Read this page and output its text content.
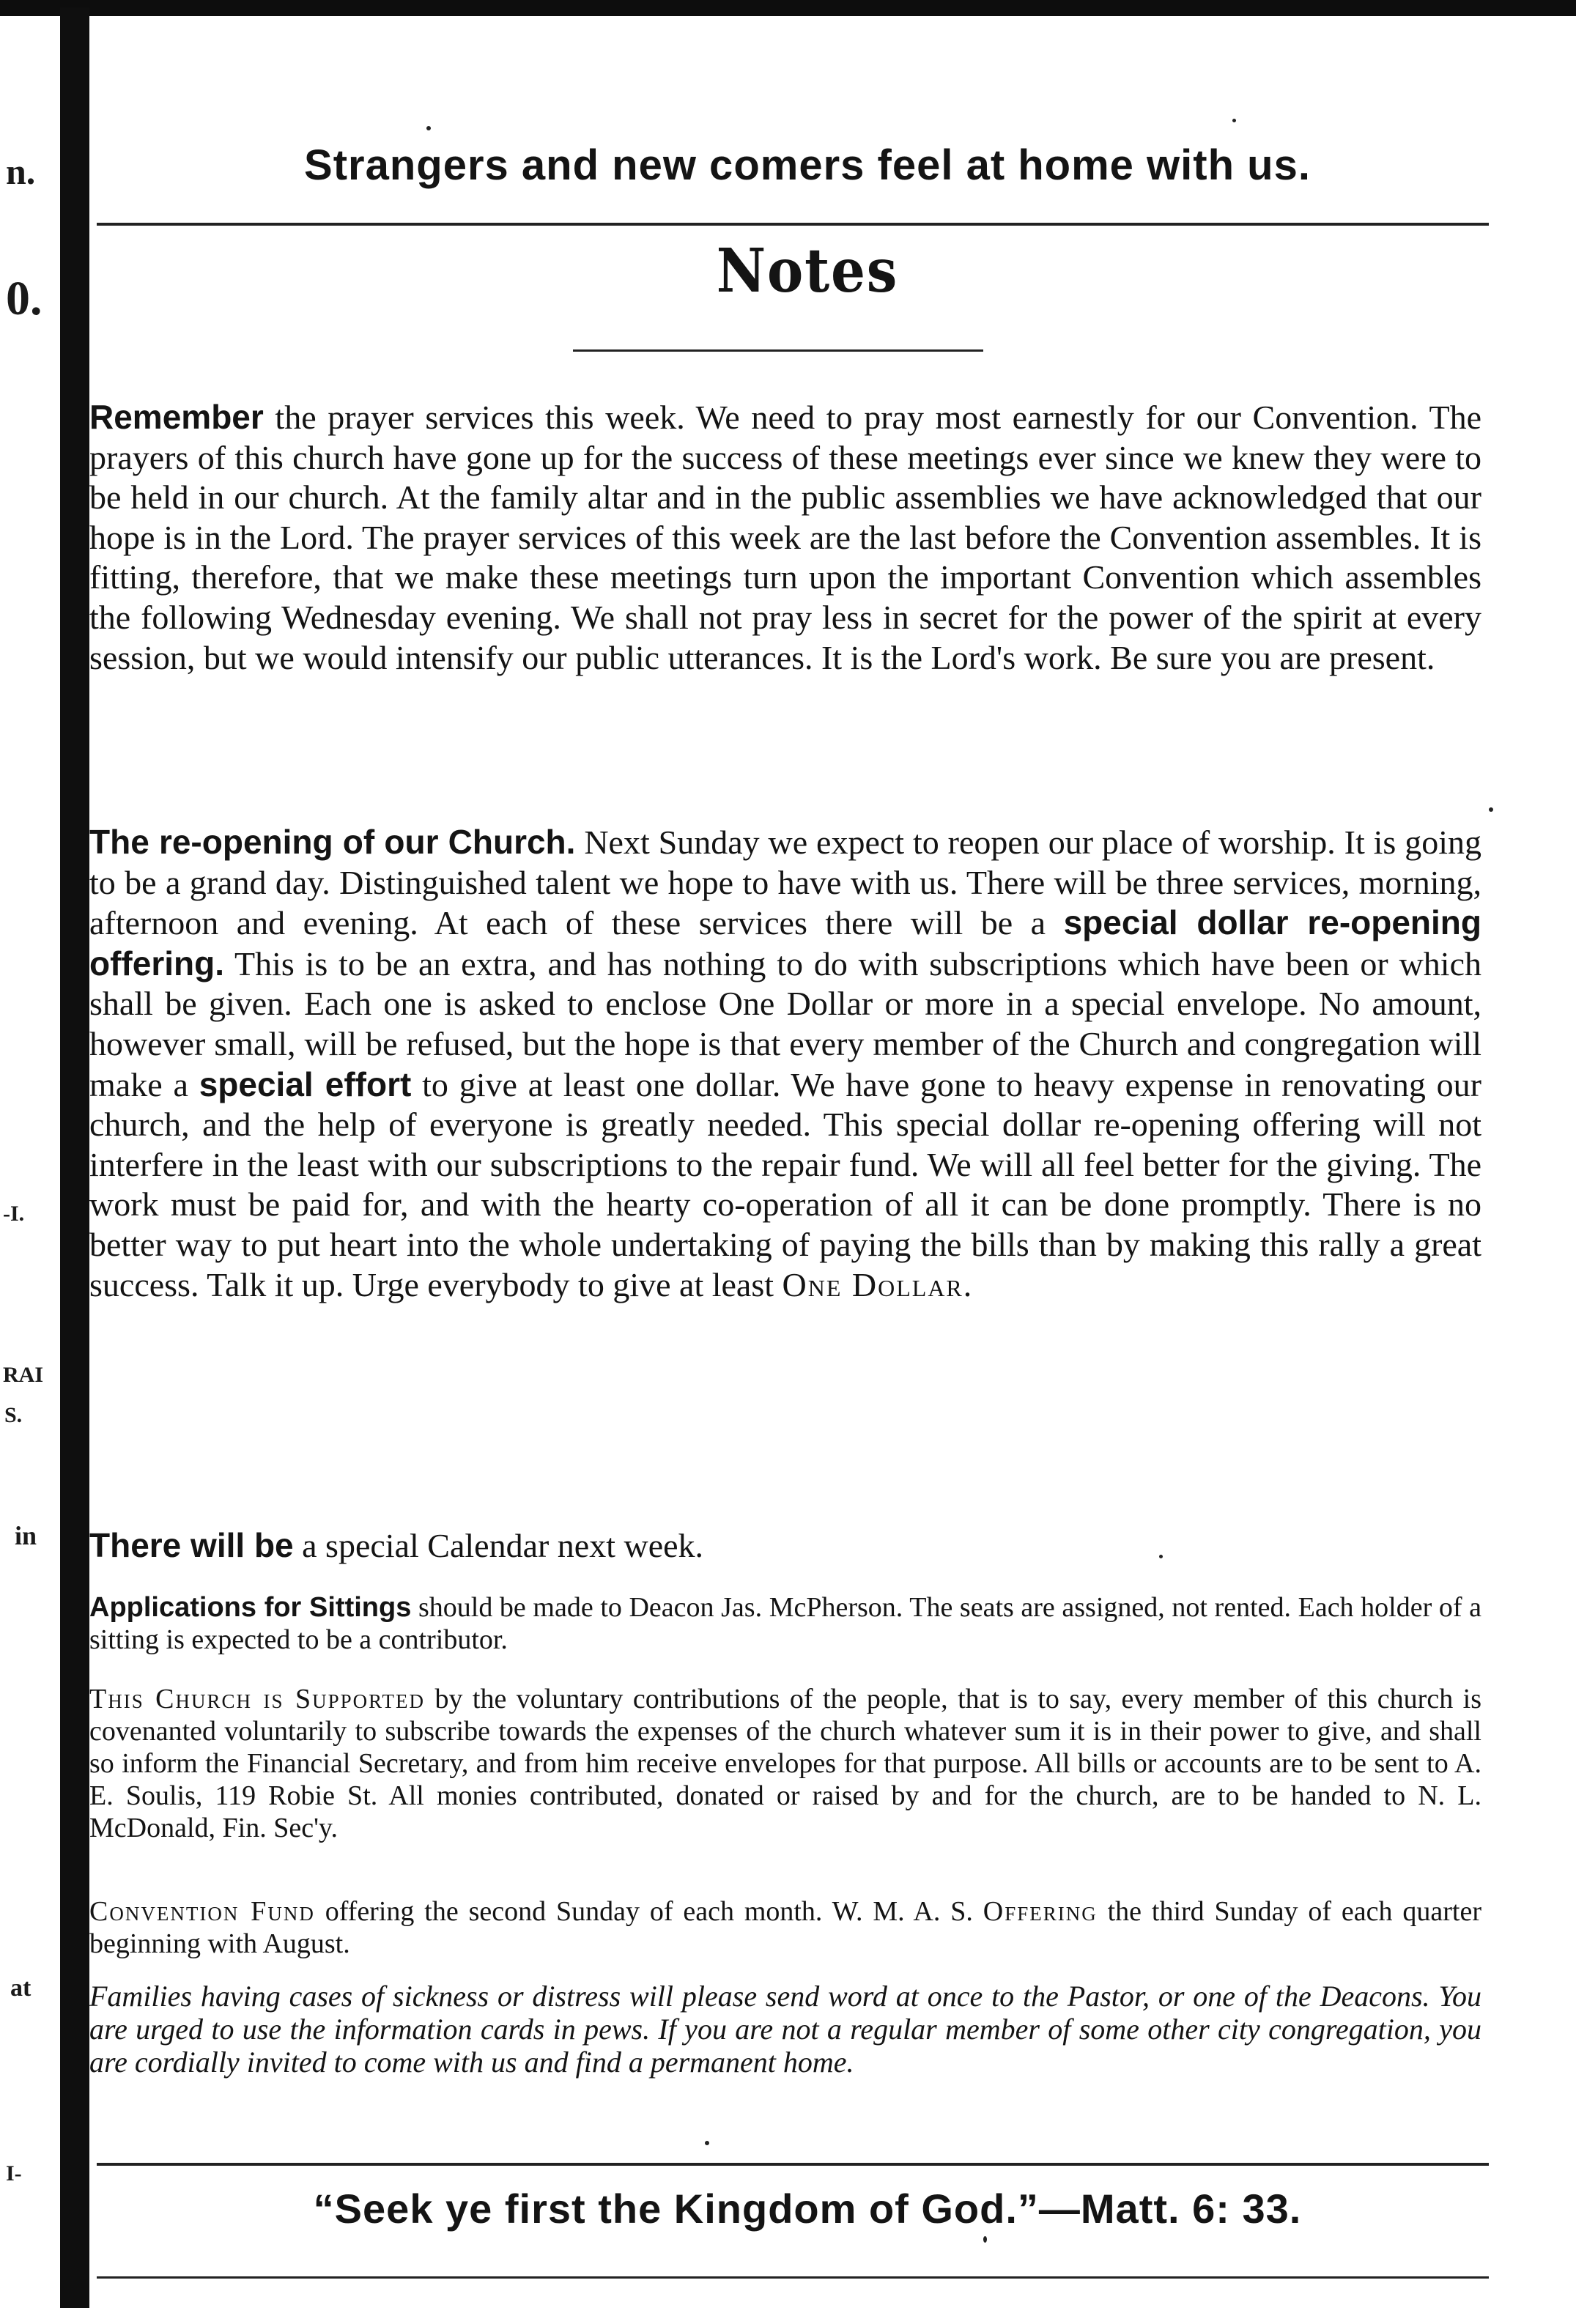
n.
0.
-I.
RAI
S.
in
at
I-
Strangers and new comers feel at home with us.
Notes
Remember the prayer services this week. We need to pray most earnestly for our Convention. The prayers of this church have gone up for the success of these meetings ever since we knew they were to be held in our church. At the family altar and in the public assemblies we have acknowledged that our hope is in the Lord. The prayer services of this week are the last before the Convention assembles. It is fitting, therefore, that we make these meetings turn upon the important Convention which assembles the following Wednesday evening. We shall not pray less in secret for the power of the spirit at every session, but we would intensify our public utterances. It is the Lord's work. Be sure you are present.
The re-opening of our Church. Next Sunday we expect to reopen our place of worship. It is going to be a grand day. Distinguished talent we hope to have with us. There will be three services, morning, afternoon and evening. At each of these services there will be a special dollar re-opening offering. This is to be an extra, and has nothing to do with subscriptions which have been or which shall be given. Each one is asked to enclose One Dollar or more in a special envelope. No amount, however small, will be refused, but the hope is that every member of the Church and congregation will make a special effort to give at least one dollar. We have gone to heavy expense in renovating our church, and the help of everyone is greatly needed. This special dollar re-opening offering will not interfere in the least with our subscriptions to the repair fund. We will all feel better for the giving. The work must be paid for, and with the hearty co-operation of all it can be done promptly. There is no better way to put heart into the whole undertaking of paying the bills than by making this rally a great success. Talk it up. Urge everybody to give at least One Dollar.
There will be a special Calendar next week.
Applications for Sittings should be made to Deacon Jas. McPherson. The seats are assigned, not rented. Each holder of a sitting is expected to be a contributor.
This Church is Supported by the voluntary contributions of the people, that is to say, every member of this church is covenanted voluntarily to subscribe towards the expenses of the church whatever sum it is in their power to give, and shall so inform the Financial Secretary, and from him receive envelopes for that purpose. All bills or accounts are to be sent to A. E. Soulis, 119 Robie St. All monies contributed, donated or raised by and for the church, are to be handed to N. L. McDonald, Fin. Sec'y.
Convention Fund offering the second Sunday of each month. W. M. A. S. Offering the third Sunday of each quarter beginning with August.
Families having cases of sickness or distress will please send word at once to the Pastor, or one of the Deacons. You are urged to use the information cards in pews. If you are not a regular member of some other city congregation, you are cordially invited to come with us and find a permanent home.
“Seek ye first the Kingdom of God.”—Matt. 6: 33.
